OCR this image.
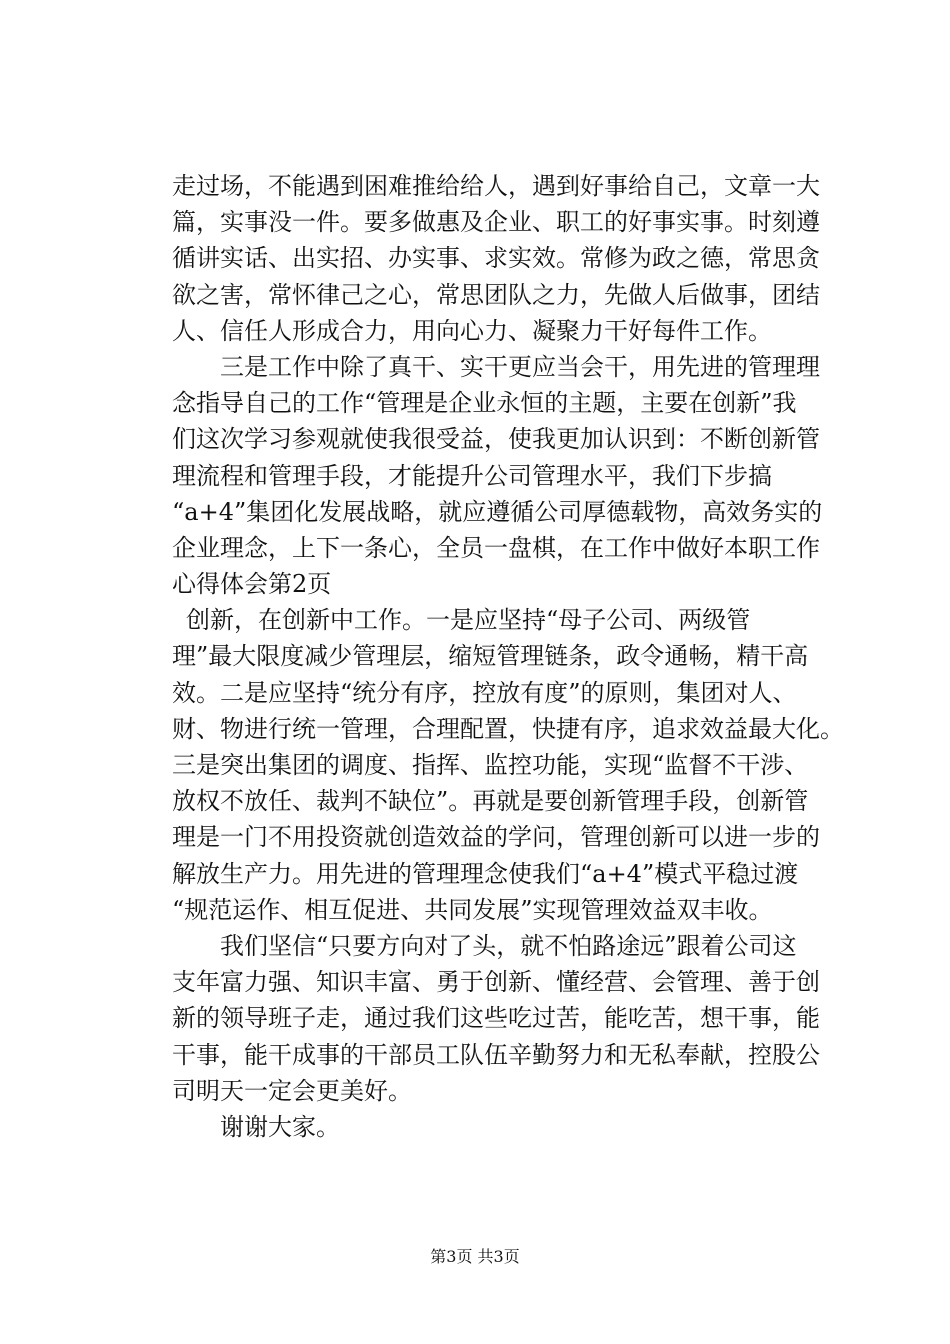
走过场，不能遇到困难推给给人，遇到好事给自己，文章一大
篇，实事没一件。要多做惠及企业、职工的好事实事。时刻遵
循讲实话、出实招、办实事、求实效。常修为政之德，常思贪
欲之害，常怀律己之心，常思团队之力，先做人后做事，团结
人、信任人形成合力，用向心力、凝聚力干好每件工作。
三是工作中除了真干、实干更应当会干，用先进的管理理
念指导自己的工作“管理是企业永恒的主题，主要在创新”我
们这次学习参观就使我很受益，使我更加认识到：不断创新管
理流程和管理手段，才能提升公司管理水平，我们下步搞
“a+4”集团化发展战略，就应遵循公司厚德载物，高效务实的
企业理念，上下一条心，全员一盘棋，在工作中做好本职工作
心得体会第2页
创新，在创新中工作。一是应坚持“母子公司、两级管
理”最大限度减少管理层，缩短管理链条，政令通畅，精干高
效。二是应坚持“统分有序，控放有度”的原则，集团对人、
财、物进行统一管理，合理配置，快捷有序，追求效益最大化。
三是突出集团的调度、指挥、监控功能，实现“监督不干涉、
放权不放任、裁判不缺位”。再就是要创新管理手段，创新管
理是一门不用投资就创造效益的学问，管理创新可以进一步的
解放生产力。用先进的管理理念使我们“a+4”模式平稳过渡
“规范运作、相互促进、共同发展”实现管理效益双丰收。
我们坚信“只要方向对了头，就不怕路途远”跟着公司这
支年富力强、知识丰富、勇于创新、懂经营、会管理、善于创
新的领导班子走，通过我们这些吃过苦，能吃苦，想干事，能
干事，能干成事的干部员工队伍辛勤努力和无私奉献，控股公
司明天一定会更美好。
谢谢大家。
第3页 共3页
